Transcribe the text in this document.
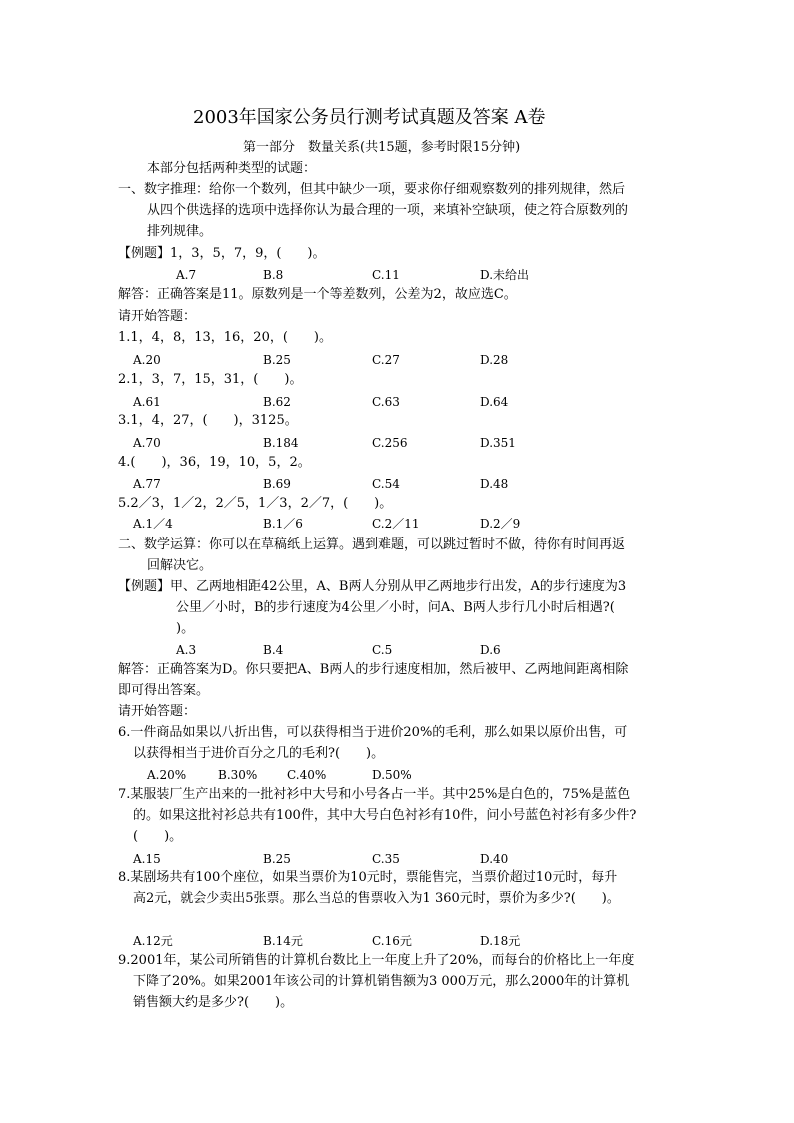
2003年国家公务员行测考试真题及答案 A卷
第一部分　数量关系(共15题，参考时限15分钟)
本部分包括两种类型的试题：
一、数字推理：给你一个数列，但其中缺少一项，要求你仔细观察数列的排列规律，然后
从四个供选择的选项中选择你认为最合理的一项，来填补空缺项，使之符合原数列的
排列规律。
【例题】1，3，5，7，9，(　　)。
A.7	B.8	C.11	D.未给出
解答：正确答案是11。原数列是一个等差数列，公差为2，故应选C。
请开始答题：
1.1，4，8，13，16，20，(　　)。
A.20	B.25	C.27	D.28
2.1，3，7，15，31，(　　)。
A.61	B.62	C.63	D.64
3.1，4，27，(　　)，3125。
A.70	B.184	C.256	D.351
4.(　　)，36，19，10，5，2。
A.77	B.69	C.54	D.48
5.2／3，1／2，2／5，1／3，2／7，(　　)。
A.1／4	B.1／6	C.2／11	D.2／9
二、数学运算：你可以在草稿纸上运算。遇到难题，可以跳过暂时不做，待你有时间再返
回解决它。
【例题】甲、乙两地相距42公里，A、B两人分别从甲乙两地步行出发，A的步行速度为3
公里／小时，B的步行速度为4公里／小时，问A、B两人步行几小时后相遇?(
)。
A.3	B.4	C.5	D.6
解答：正确答案为D。你只要把A、B两人的步行速度相加，然后被甲、乙两地间距离相除
即可得出答案。
请开始答题：
6.一件商品如果以八折出售，可以获得相当于进价20%的毛利，那么如果以原价出售，可
以获得相当于进价百分之几的毛利?(　　)。
A.20%	B.30% C.40%	D.50%
7.某服装厂生产出来的一批衬衫中大号和小号各占一半。其中25%是白色的，75%是蓝色
的。如果这批衬衫总共有100件，其中大号白色衬衫有10件，问小号蓝色衬衫有多少件?
(　　)。
A.15	B.25	C.35	D.40
8.某剧场共有100个座位，如果当票价为10元时，票能售完，当票价超过10元时，每升
高2元，就会少卖出5张票。那么当总的售票收入为1 360元时，票价为多少?(　　)。
A.12元	B.14元	C.16元	D.18元
9.2001年，某公司所销售的计算机台数比上一年度上升了20%，而每台的价格比上一年度
下降了20%。如果2001年该公司的计算机销售额为3 000万元，那么2000年的计算机
销售额大约是多少?(　　)。
